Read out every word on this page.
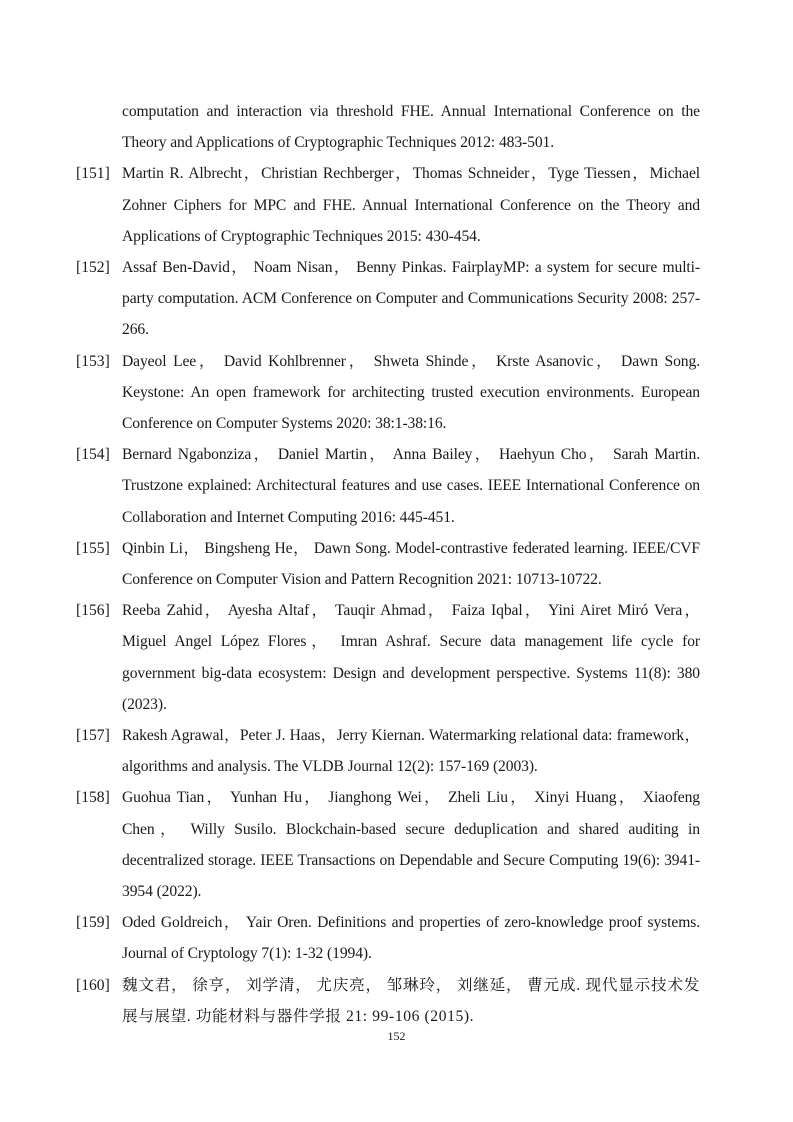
computation and interaction via threshold FHE. Annual International Conference on the Theory and Applications of Cryptographic Techniques 2012: 483-501.

[151] Martin R. Albrecht，Christian Rechberger，Thomas Schneider，Tyge Tiessen，Michael Zohner Ciphers for MPC and FHE. Annual International Conference on the Theory and Applications of Cryptographic Techniques 2015: 430-454.

[152] Assaf Ben-David， Noam Nisan， Benny Pinkas. FairplayMP: a system for secure multi-party computation. ACM Conference on Computer and Communications Security 2008: 257-266.

[153] Dayeol Lee， David Kohlbrenner， Shweta Shinde， Krste Asanovic， Dawn Song. Keystone: An open framework for architecting trusted execution environments. European Conference on Computer Systems 2020: 38:1-38:16.

[154] Bernard Ngabonziza， Daniel Martin， Anna Bailey， Haehyun Cho， Sarah Martin. Trustzone explained: Architectural features and use cases. IEEE International Conference on Collaboration and Internet Computing 2016: 445-451.

[155] Qinbin Li， Bingsheng He， Dawn Song. Model-contrastive federated learning. IEEE/CVF Conference on Computer Vision and Pattern Recognition 2021: 10713-10722.

[156] Reeba Zahid， Ayesha Altaf， Tauqir Ahmad， Faiza Iqbal， Yini Airet Miró Vera， Miguel Angel López Flores， Imran Ashraf. Secure data management life cycle for government big-data ecosystem: Design and development perspective. Systems 11(8): 380 (2023).

[157] Rakesh Agrawal，Peter J. Haas，Jerry Kiernan. Watermarking relational data: framework，algorithms and analysis. The VLDB Journal 12(2): 157-169 (2003).

[158] Guohua Tian， Yunhan Hu， Jianghong Wei， Zheli Liu， Xinyi Huang， Xiaofeng Chen， Willy Susilo. Blockchain-based secure deduplication and shared auditing in decentralized storage. IEEE Transactions on Dependable and Secure Computing 19(6): 3941-3954 (2022).

[159] Oded Goldreich， Yair Oren. Definitions and properties of zero-knowledge proof systems. Journal of Cryptology 7(1): 1-32 (1994).

[160] 魏文君， 徐亨， 刘学清， 尤庆亮， 邹琳玲， 刘继延， 曹元成. 现代显示技术发展与展望. 功能材料与器件学报 21: 99-106 (2015).

152
